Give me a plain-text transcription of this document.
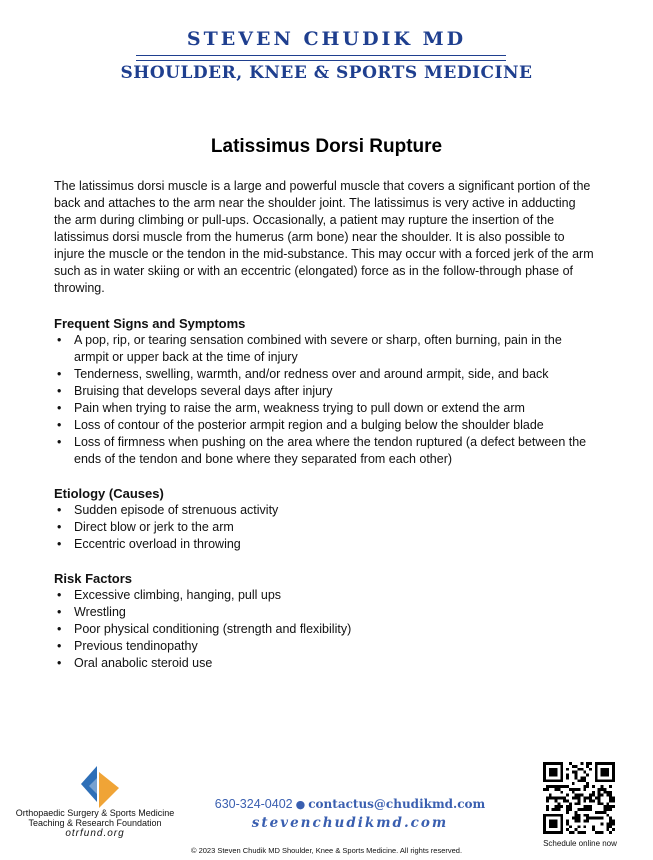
STEVEN CHUDIK MD
SHOULDER, KNEE & SPORTS MEDICINE
Latissimus Dorsi Rupture

The latissimus dorsi muscle is a large and powerful muscle that covers a significant portion of the back and attaches to the arm near the shoulder joint. The latissimus is very active in adducting the arm during climbing or pull-ups. Occasionally, a patient may rupture the insertion of the latissimus dorsi muscle from the humerus (arm bone) near the shoulder. It is also possible to injure the muscle or the tendon in the mid-substance. This may occur with a forced jerk of the arm such as in water skiing or with an eccentric (elongated) force as in the follow-through phase of throwing.

Frequent Signs and Symptoms
• A pop, rip, or tearing sensation combined with severe or sharp, often burning, pain in the armpit or upper back at the time of injury
• Tenderness, swelling, warmth, and/or redness over and around armpit, side, and back
• Bruising that develops several days after injury
• Pain when trying to raise the arm, weakness trying to pull down or extend the arm
• Loss of contour of the posterior armpit region and a bulging below the shoulder blade
• Loss of firmness when pushing on the area where the tendon ruptured (a defect between the ends of the tendon and bone where they separated from each other)
Etiology (Causes)
• Sudden episode of strenuous activity
• Direct blow or jerk to the arm
• Eccentric overload in throwing
Risk Factors
• Excessive climbing, hanging, pull ups
• Wrestling
• Poor physical conditioning (strength and flexibility)
• Previous tendinopathy
• Oral anabolic steroid use
Orthopaedic Surgery & Sports Medicine
Teaching & Research Foundation
otrfund.org
630-324-0402 ● contactus@chudikmd.com
stevenchudikmd.com
Schedule online now
© 2023 Steven Chudik MD Shoulder, Knee & Sports Medicine. All rights reserved.
